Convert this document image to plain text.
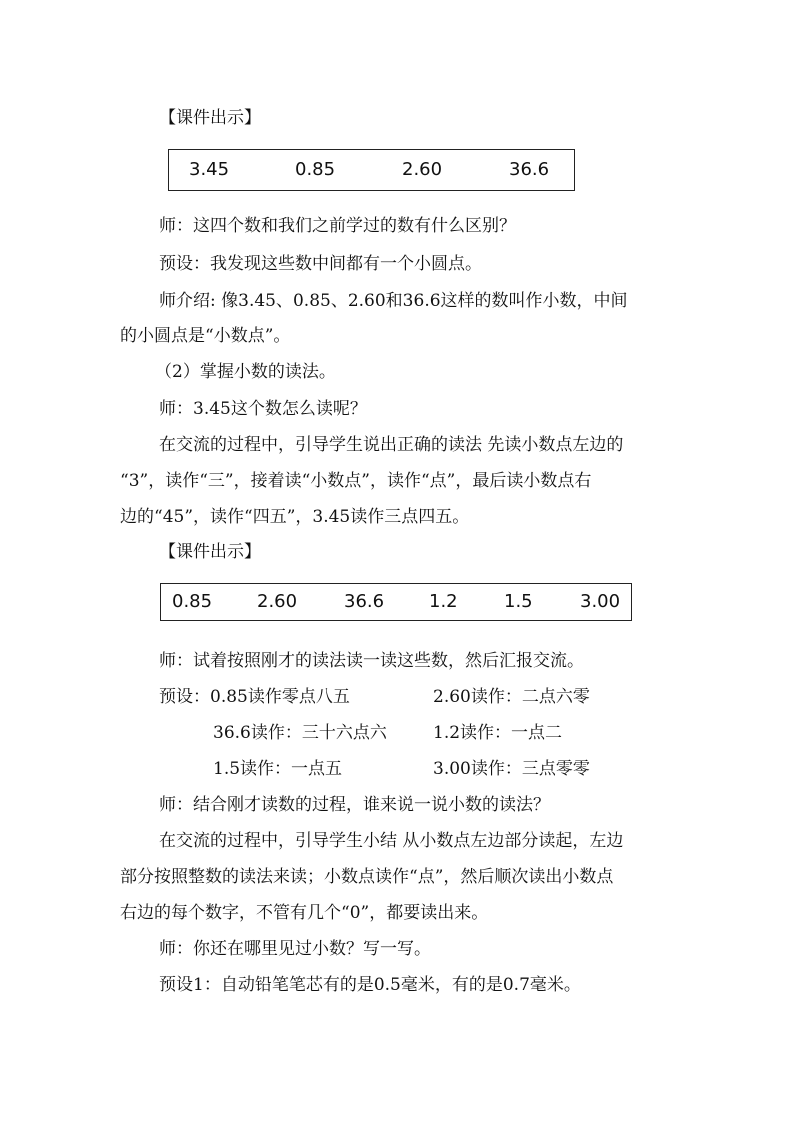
【课件出示】
3.45	0.85	2.60	36.6
师：这四个数和我们之前学过的数有什么区别？
预设：我发现这些数中间都有一个小圆点。
师介绍: 像3.45、0.85、2.60和36.6这样的数叫作小数，中间
的小圆点是“小数点”。
（2）掌握小数的读法。
师：3.45这个数怎么读呢？
在交流的过程中，引导学生说出正确的读法 先读小数点左边的
“3”，读作“三”，接着读“小数点”，读作“点”，最后读小数点右
边的“45”，读作“四五”，3.45读作三点四五。
【课件出示】
0.85 2.60	36.6 1.2	1.5	3.00
师：试着按照刚才的读法读一读这些数，然后汇报交流。
预设：0.85读作零点八五	2.60读作：二点六零
36.6读作：三十六点六	1.2读作：一点二
1.5读作：一点五	3.00读作：三点零零
师：结合刚才读数的过程，谁来说一说小数的读法？
在交流的过程中，引导学生小结 从小数点左边部分读起，左边
部分按照整数的读法来读；小数点读作“点”，然后顺次读出小数点
右边的每个数字，不管有几个“0”，都要读出来。
师：你还在哪里见过小数？写一写。
预设1：自动铅笔笔芯有的是0.5毫米，有的是0.7毫米。
